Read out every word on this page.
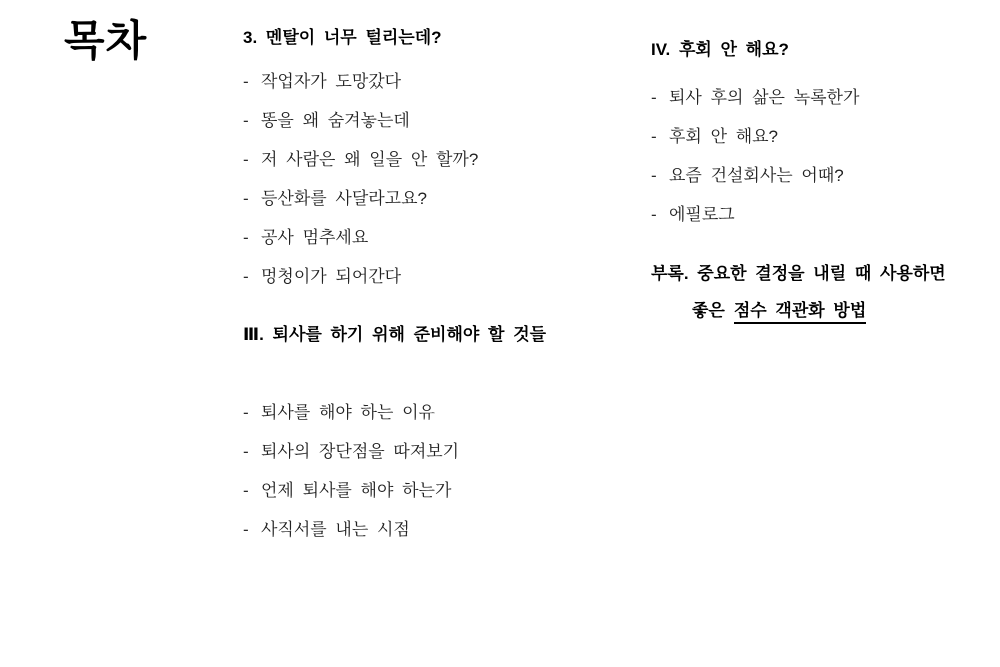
목차	3. 멘탈이 너무 털리는데?
- 작업자가 도망갔다
- 똥을 왜 숨겨놓는데
- 저 사람은 왜 일을 안 할까?
- 등산화를 사달라고요?
- 공사 멈추세요
- 멍청이가 되어간다
Ⅲ. 퇴사를 하기 위해 준비해야 할 것들
- 퇴사를 해야 하는 이유
- 퇴사의 장단점을 따져보기
- 언제 퇴사를 해야 하는가
- 사직서를 내는 시점
IV. 후회 안 해요?
- 퇴사 후의 삶은 녹록한가
- 후회 안 해요?
- 요즘 건설회사는 어때?
- 에필로그
부록. 중요한 결정을 내릴 때 사용하면
좋은 점수 객관화 방법
